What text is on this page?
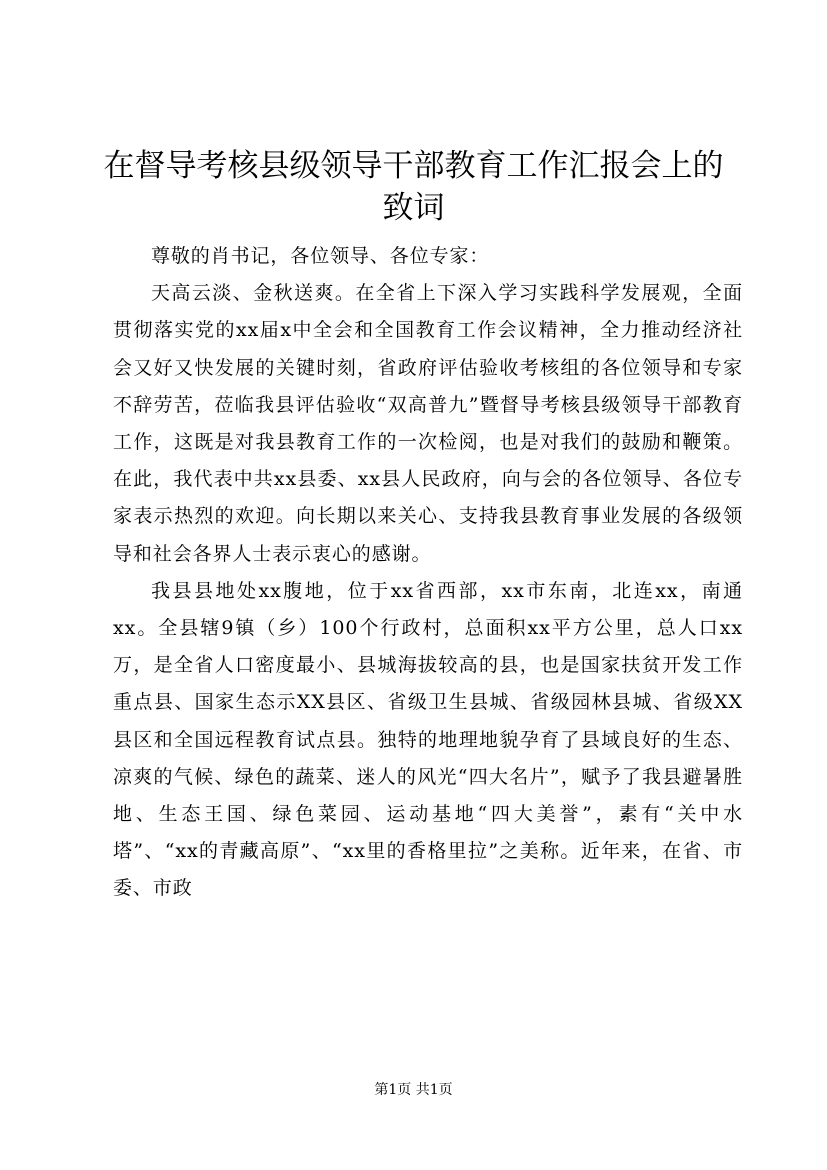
在督导考核县级领导干部教育工作汇报会上的致词

尊敬的肖书记，各位领导、各位专家：

天高云淡、金秋送爽。在全省上下深入学习实践科学发展观，全面贯彻落实党的xx届x中全会和全国教育工作会议精神，全力推动经济社会又好又快发展的关键时刻，省政府评估验收考核组的各位领导和专家不辞劳苦，莅临我县评估验收“双高普九”暨督导考核县级领导干部教育工作，这既是对我县教育工作的一次检阅，也是对我们的鼓励和鞭策。在此，我代表中共xx县委、xx县人民政府，向与会的各位领导、各位专家表示热烈的欢迎。向长期以来关心、支持我县教育事业发展的各级领导和社会各界人士表示衷心的感谢。

我县县地处xx腹地，位于xx省西部，xx市东南，北连xx，南通xx。全县辖9镇（乡）100个行政村，总面积xx平方公里，总人口xx万，是全省人口密度最小、县城海拔较高的县，也是国家扶贫开发工作重点县、国家生态示XX县区、省级卫生县城、省级园林县城、省级XX县区和全国远程教育试点县。独特的地理地貌孕育了县域良好的生态、凉爽的气候、绿色的蔬菜、迷人的风光“四大名片”，赋予了我县避暑胜地、生态王国、绿色菜园、运动基地“四大美誉”，素有“关中水塔”、“xx的青藏高原”、“xx里的香格里拉”之美称。近年来，在省、市委、市政

第1页 共1页
